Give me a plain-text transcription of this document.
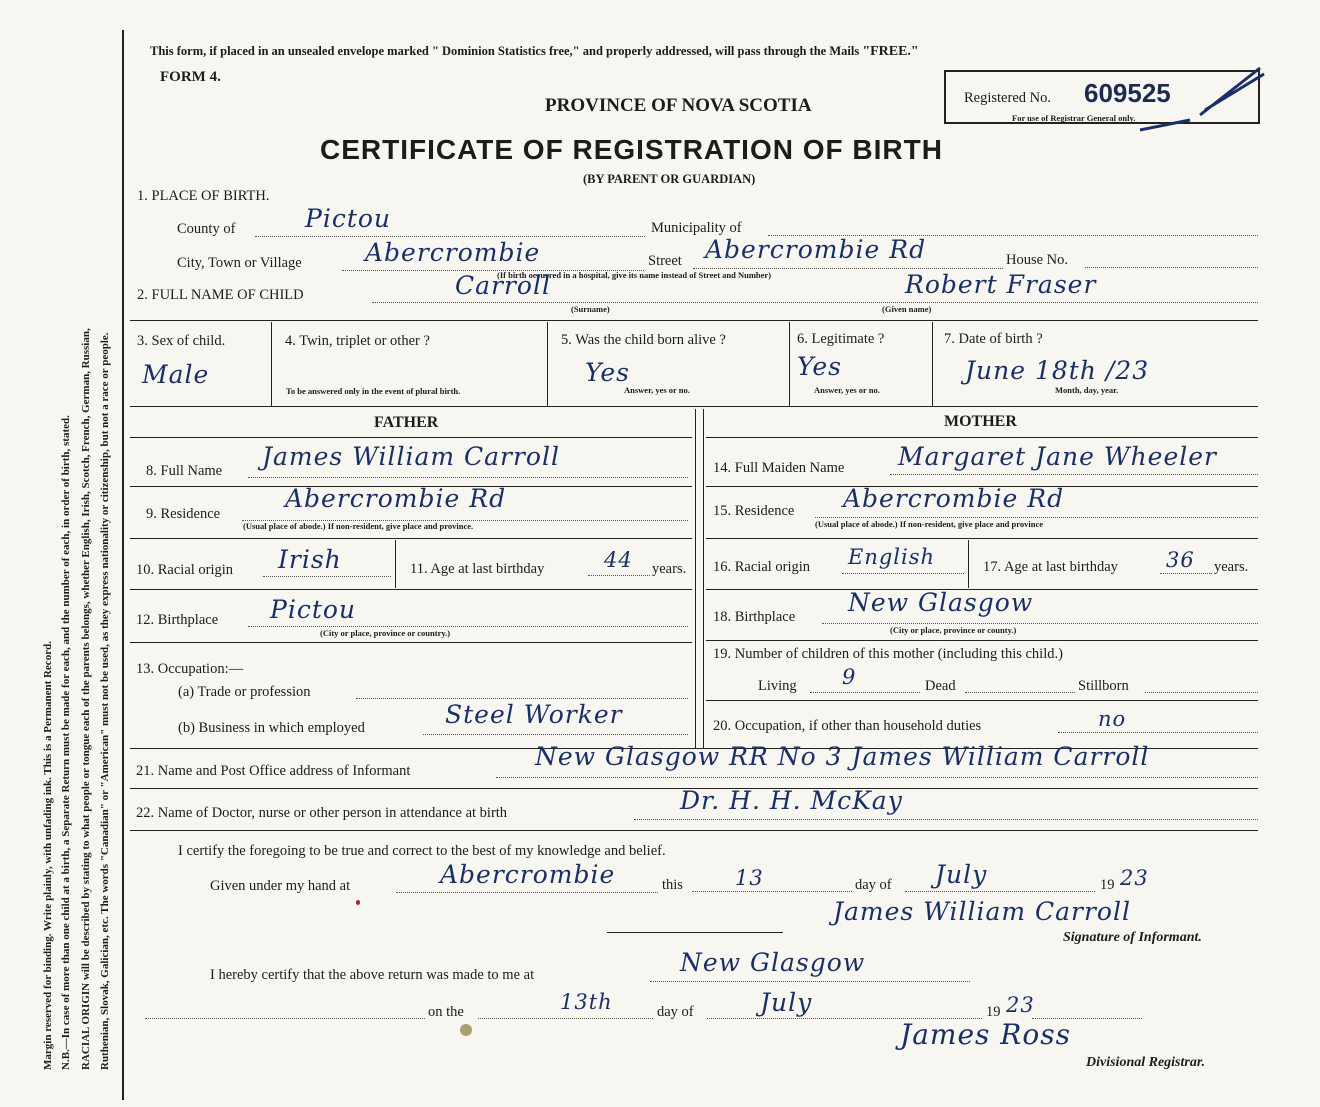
Margin reserved for binding. Write plainly, with unfading ink. This is a Permanent Record. N.B.—In case of more than one child at a birth, a Separate Return must be made for each, and the number of each, in order of birth, stated. RACIAL ORIGIN will be described by stating to what people or tongue each of the parents belongs, whether English, Irish, Scotch, French, German, Russian, Ruthenian, Slovak, Galician, etc. The words "Canadian" or "American" must not be used, as they express nationality or citizenship, but not a race or people.
This form, if placed in an unsealed envelope marked " Dominion Statistics free," and properly addressed, will pass through the Mails "FREE."
FORM 4.
PROVINCE OF NOVA SCOTIA
CERTIFICATE OF REGISTRATION OF BIRTH
(BY PARENT OR GUARDIAN)
Registered No. 609525
For use of Registrar General only.
1. PLACE OF BIRTH.
County of	Pictou	Municipality of
City, Town or Village	Abercrombie	Street Abercrombie Rd	House No.
(If birth occurred in a hospital, give its name instead of Street and Number)
2. FULL NAME OF CHILD	Carroll	Robert Fraser
(Surname)	(Given name)
3. Sex of child.
Male
4. Twin, triplet or other ?
To be answered only in the event of plural birth.
5. Was the child born alive ?
Yes
Answer, yes or no.
6. Legitimate ?
Yes
Answer, yes or no.
7. Date of birth ?
June 18th /23
Month, day, year.
FATHER	MOTHER
8. Full Name James William Carroll
9. Residence
Abercrombie Rd
(Usual place of abode.) If non-resident, give place and province.
10. Racial origin Irish	11. Age at last birthday	44 years.
12. Birthplace Pictou
(City or place, province or country.)
13. Occupation:—
(a) Trade or profession
(b) Business in which employed	Steel Worker
14. Full Maiden Name Margaret Jane Wheeler
15. Residence Abercrombie Rd
(Usual place of abode.) If non-resident, give place and province
16. Racial origin English	17. Age at last birthday 36 years.
18. Birthplace New Glasgow
(City or place, province or county.)
19. Number of children of this mother (including this child.)
Living 9	Dead	Stillborn
20. Occupation, if other than household duties	no
21. Name and Post Office address of Informant	New Glasgow RR No 3 James William Carroll
22. Name of Doctor, nurse or other person in attendance at birth	Dr. H. H. McKay
I certify the foregoing to be true and correct to the best of my knowledge and belief.
Given under my hand at	Abercrombie	this 13	day of July	19 23
James William Carroll
Signature of Informant.
I hereby certify that the above return was made to me at	New Glasgow
on the	13th	day of	July	19 23
James Ross
Divisional Registrar.
